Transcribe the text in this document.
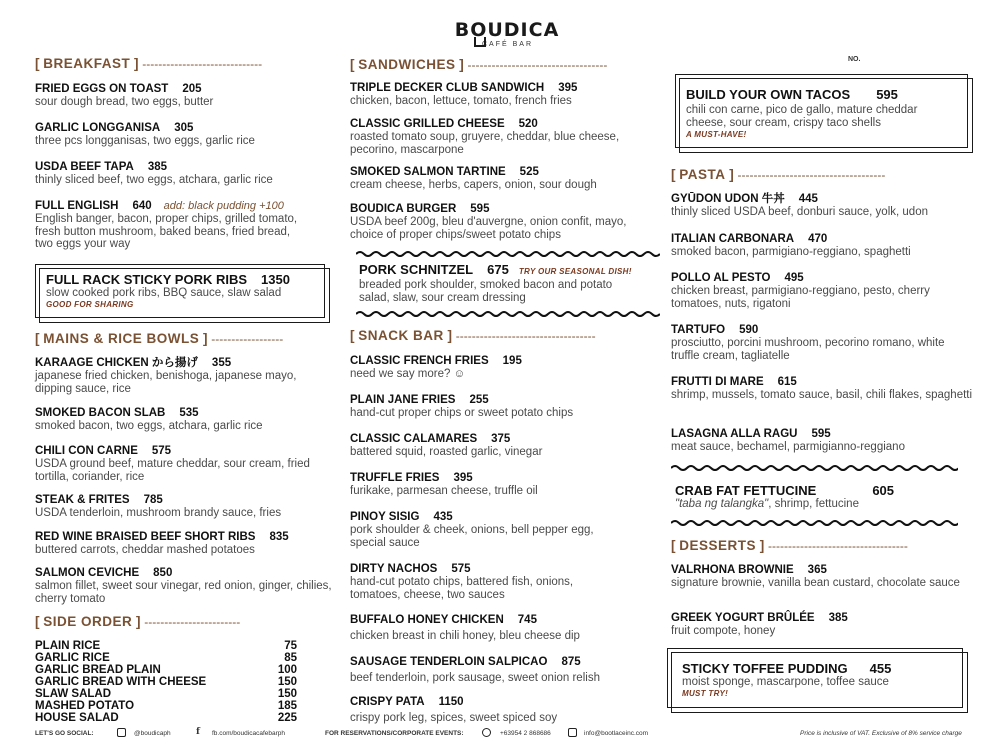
BOUDICA
CAFÉ BAR
NO.
[ BREAKFAST ] ------------------------------
FRIED EGGS ON TOAST 205
sour dough bread, two eggs, butter
GARLIC LONGGANISA 305
three pcs longganisas, two eggs, garlic rice
USDA BEEF TAPA 385
thinly sliced beef, two eggs, atchara, garlic rice
FULL ENGLISH 640 add: black pudding +100
English banger, bacon, proper chips, grilled tomato, fresh button mushroom, baked beans, fried bread, two eggs your way
FULL RACK STICKY PORK RIBS 1350
slow cooked pork ribs, BBQ sauce, slaw salad
GOOD FOR SHARING
[ MAINS & RICE BOWLS ] ------------------
KARAAGE CHICKEN から揚げ 355
japanese fried chicken, benishoga, japanese mayo, dipping sauce, rice
SMOKED BACON SLAB 535
smoked bacon, two eggs, atchara, garlic rice
CHILI CON CARNE 575
USDA ground beef, mature cheddar, sour cream, fried tortilla, coriander, rice
STEAK & FRITES 785
USDA tenderloin, mushroom brandy sauce, fries
RED WINE BRAISED BEEF SHORT RIBS 835
buttered carrots, cheddar mashed potatoes
SALMON CEVICHE 850
salmon fillet, sweet sour vinegar, red onion, ginger, chilies, cherry tomato
[ SIDE ORDER ] ------------------------
PLAIN RICE	75
GARLIC RICE	85
GARLIC BREAD PLAIN	100
GARLIC BREAD WITH CHEESE	150
SLAW SALAD	150
MASHED POTATO	185
HOUSE SALAD	225
[ SANDWICHES ] -----------------------------------
TRIPLE DECKER CLUB SANDWICH 395
chicken, bacon, lettuce, tomato, french fries
CLASSIC GRILLED CHEESE 520
roasted tomato soup, gruyere, cheddar, blue cheese, pecorino, mascarpone
SMOKED SALMON TARTINE 525
cream cheese, herbs, capers, onion, sour dough
BOUDICA BURGER 595
USDA beef 200g, bleu d'auvergne, onion confit, mayo, choice of proper chips/sweet potato chips
PORK SCHNITZEL 675 TRY OUR SEASONAL DISH!
breaded pork shoulder, smoked bacon and potato salad, slaw, sour cream dressing
[ SNACK BAR ] -----------------------------------
CLASSIC FRENCH FRIES 195
need we say more? ☺
PLAIN JANE FRIES 255
hand-cut proper chips or sweet potato chips
CLASSIC CALAMARES 375
battered squid, roasted garlic, vinegar
TRUFFLE FRIES 395
furikake, parmesan cheese, truffle oil
PINOY SISIG 435
pork shoulder & cheek, onions, bell pepper egg, special sauce
DIRTY NACHOS 575
hand-cut potato chips, battered fish, onions, tomatoes, cheese, two sauces
BUFFALO HONEY CHICKEN 745
chicken breast in chili honey, bleu cheese dip
SAUSAGE TENDERLOIN SALPICAO 875
beef tenderloin, pork sausage, sweet onion relish
CRISPY PATA 1150
crispy pork leg, spices, sweet spiced soy
BUILD YOUR OWN TACOS 595
chili con carne, pico de gallo, mature cheddar cheese, sour cream, crispy taco shells
A MUST-HAVE!
[ PASTA ] -------------------------------------
GYŪDON UDON 牛丼 445
thinly sliced USDA beef, donburi sauce, yolk, udon
ITALIAN CARBONARA 470
smoked bacon, parmigiano-reggiano, spaghetti
POLLO AL PESTO 495
chicken breast, parmigiano-reggiano, pesto, cherry tomatoes, nuts, rigatoni
TARTUFO 590
prosciutto, porcini mushroom, pecorino romano, white truffle cream, tagliatelle
FRUTTI DI MARE 615
shrimp, mussels, tomato sauce, basil, chili flakes, spaghetti
LASAGNA ALLA RAGU 595
meat sauce, bechamel, parmigianno-reggiano
CRAB FAT FETTUCINE	605
"taba ng talangka", shrimp, fettucine
[ DESSERTS ] -----------------------------------
VALRHONA BROWNIE 365
signature brownie, vanilla bean custard, chocolate sauce
GREEK YOGURT BRÛLÉE 385
fruit compote, honey
STICKY TOFFEE PUDDING 455
moist sponge, mascarpone, toffee sauce
MUST TRY!
LET'S GO SOCIAL:	@boudicaph	f fb.com/boudicacafebarph	FOR RESERVATIONS/CORPORATE EVENTS:	+63954 2 868686	info@bootlaceinc.com	Price is inclusive of VAT. Exclusive of 8% service charge
